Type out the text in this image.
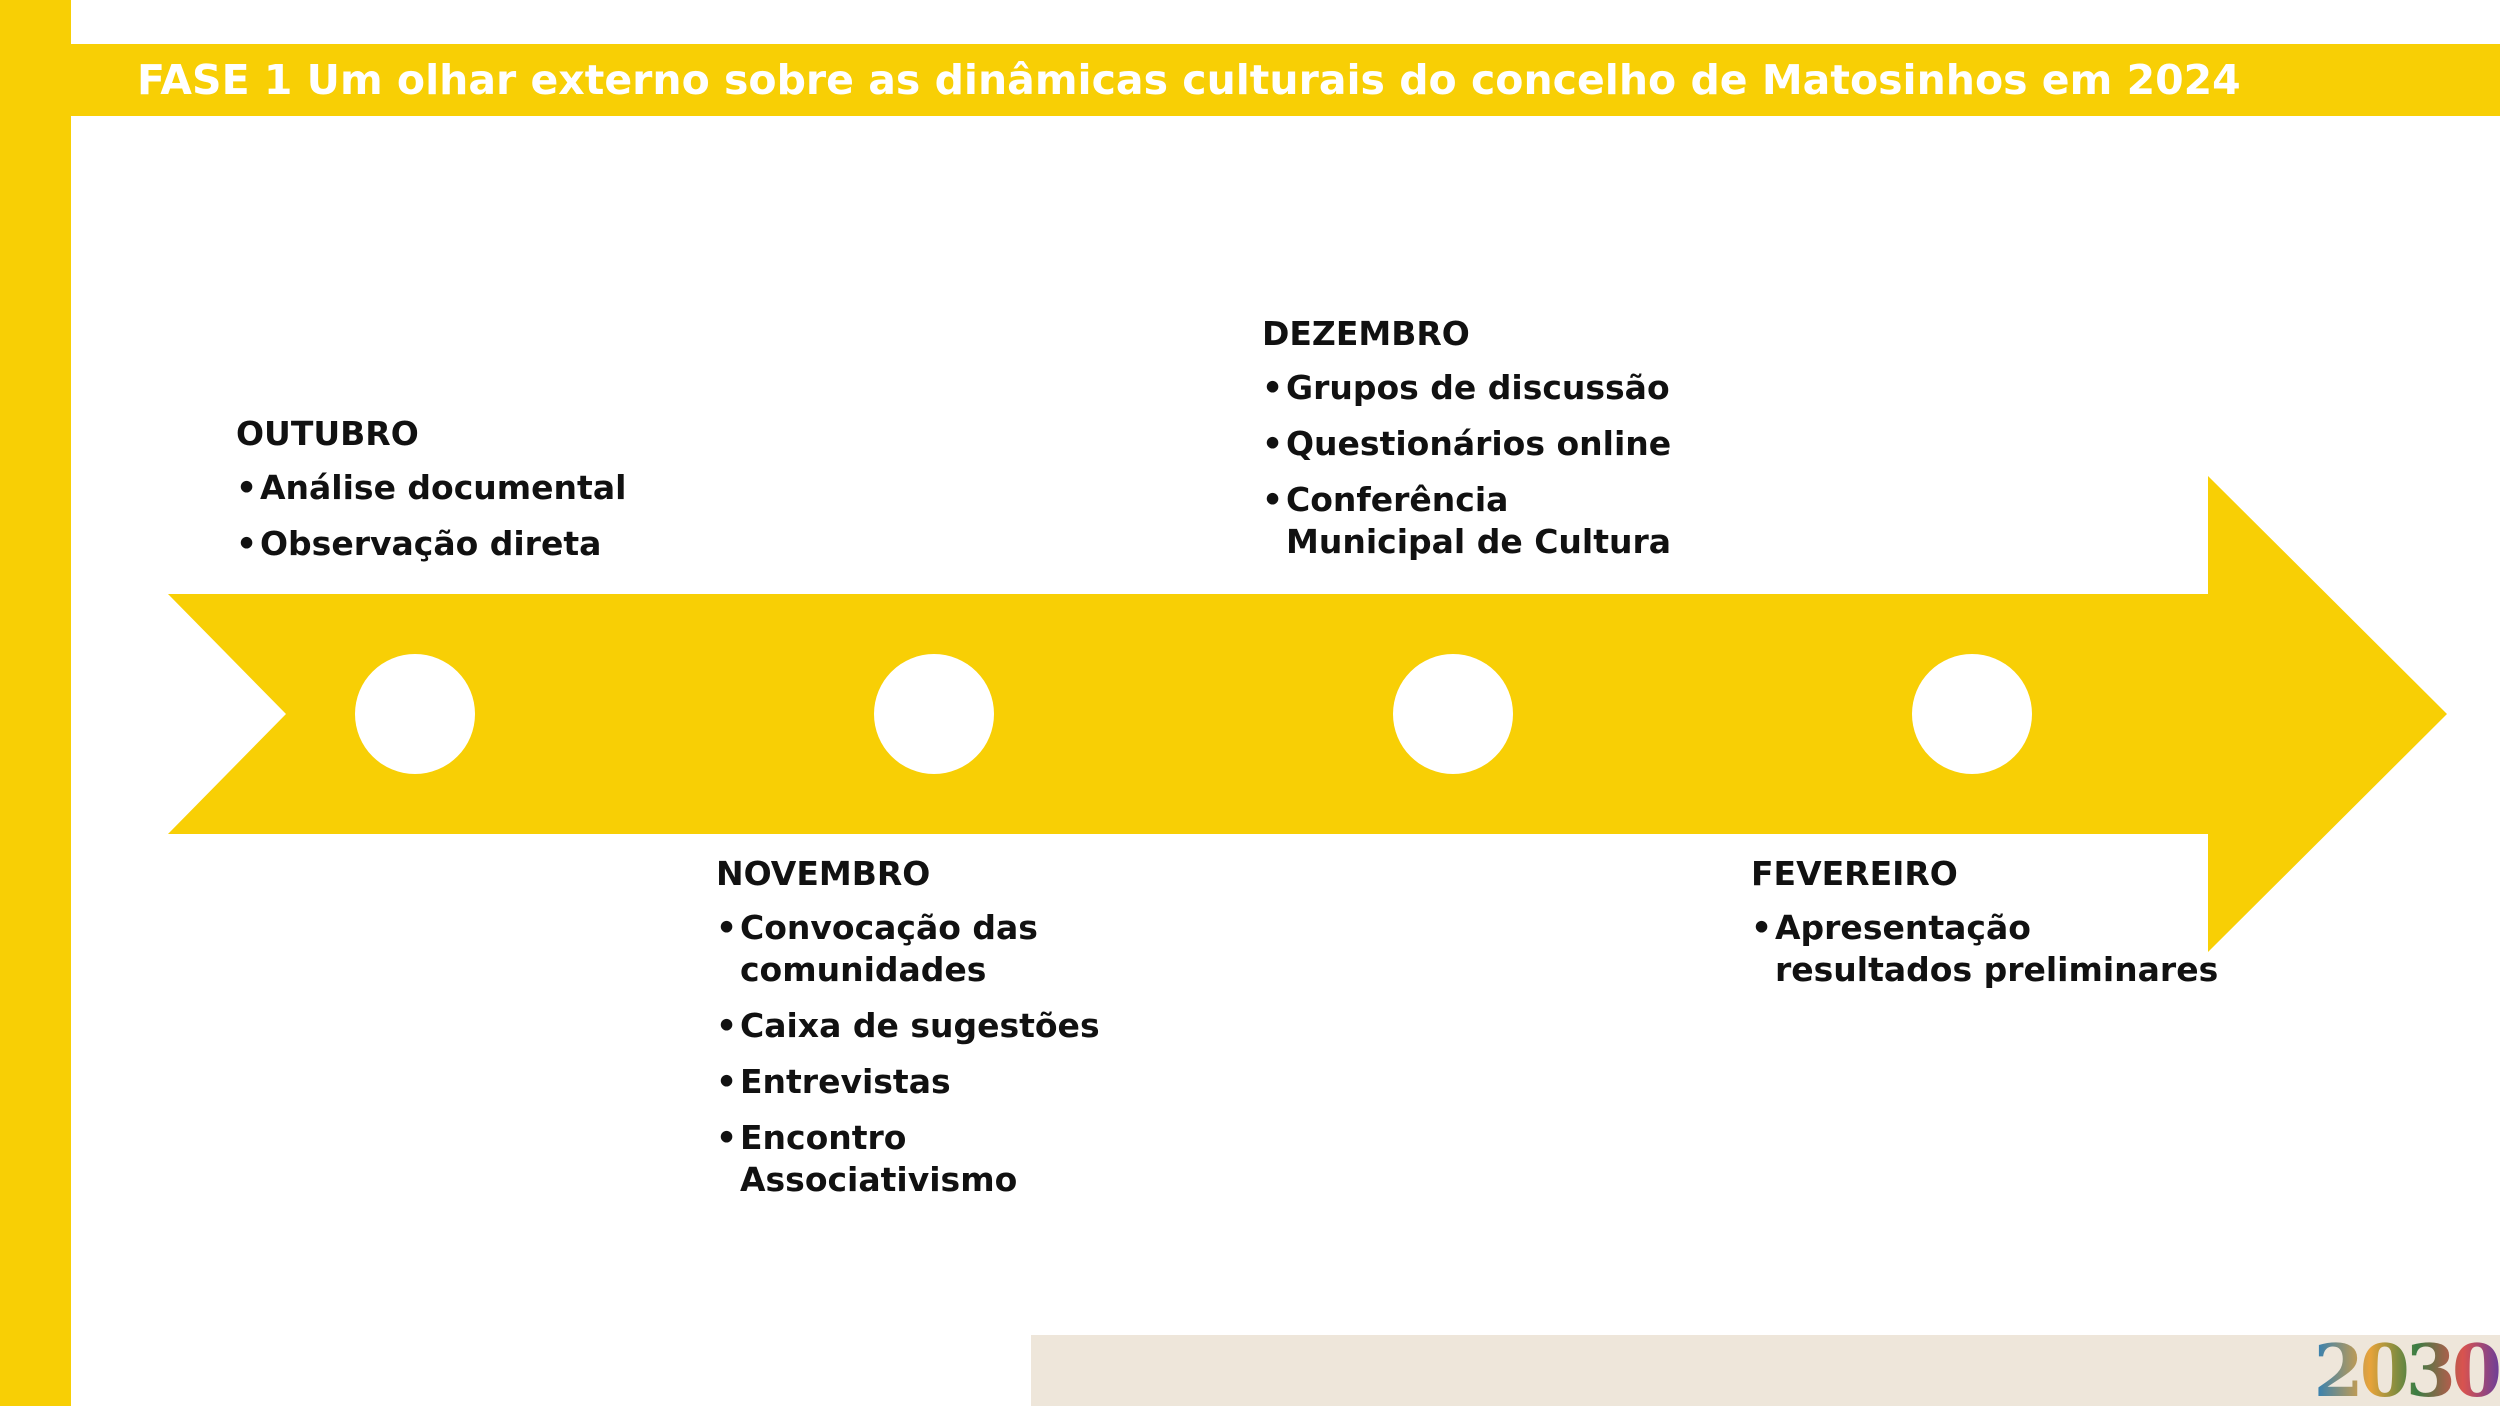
FASE 1 Um olhar externo sobre as dinâmicas culturais do concelho de Matosinhos em 2024
OUTUBRO
• Análise documental
• Observação direta
NOVEMBRO
• Convocação das comunidades
• Caixa de sugestões
• Entrevistas
• Encontro Associativismo
DEZEMBRO
• Grupos de discussão
• Questionários online
• Conferência Municipal de Cultura
FEVEREIRO
• Apresentação resultados preliminares
2030
